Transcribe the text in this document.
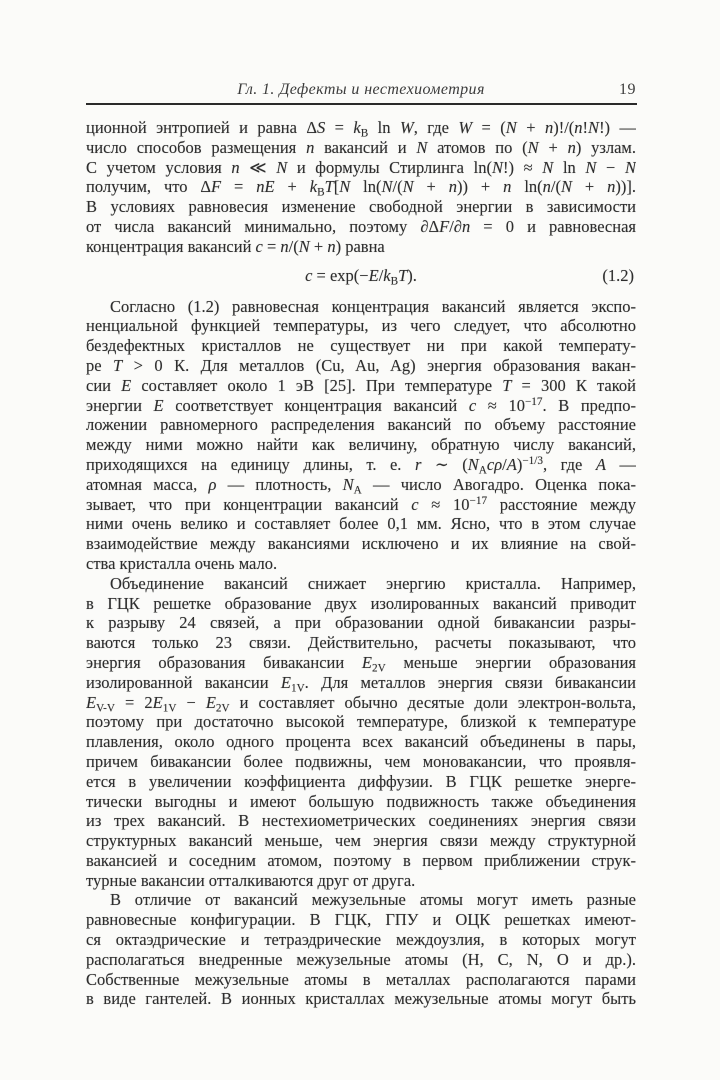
Гл. 1. Дефекты и нестехиометрия	19
ционной энтропией и равна $\Delta S = k_B$ ln W, где W = (N + n)!/(n!N!) —
число способов размещения n вакансий и N атомов по (N + n) узлам.
С учетом условия n ≪ N и формулы Стирлинга ln(N!) ≈ N ln N − N
получим, что ΔF = nE + $k_BT[N$ ln(N/(N + n)) + n ln(n/(N + n))].
В условиях равновесия изменение свободной энергии в зависимости
от числа вакансий минимально, поэтому ∂ΔF/∂n = 0 и равновесная
концентрация вакансий c = n/(N + n) равна
$c = \exp(-E/k_BT)$.	(1.2)
Согласно (1.2) равновесная концентрация вакансий является экспо-
ненциальной функцией температуры, из чего следует, что абсолютно
бездефектных кристаллов не существует ни при какой температу-
ре T > 0 К. Для металлов (Cu, Au, Ag) энергия образования вакан-
сии E составляет около 1 эВ [25]. При температуре T = 300 К такой
энергии E соответствует концентрация вакансий $c \approx 10^{-17}$. В предпо-
ложении равномерного распределения вакансий по объему расстояние
между ними можно найти как величину, обратную числу вакансий,
приходящихся на единицу длины, т. е. r ∼ $(N_Аc\rho/A)^{-1/3}$, где A —
атомная масса, ρ — плотность, $N_А$ — число Авогадро. Оценка пока-
зывает, что при концентрации вакансий $c \approx 10^{-17}$ расстояние между
ними очень велико и составляет более 0,1 мм. Ясно, что в этом случае
взаимодействие между вакансиями исключено и их влияние на свой-
ства кристалла очень мало.
Объединение вакансий снижает энергию кристалла. Например,
в ГЦК решетке образование двух изолированных вакансий приводит
к разрыву 24 связей, а при образовании одной бивакансии разры-
ваются только 23 связи. Действительно, расчеты показывают, что
энергия образования бивакансии $E_{2V}$ меньше энергии образования
изолированной вакансии $E_{1V}$. Для металлов энергия связи бивакансии
$E_{V-V} = 2E_{1V} - E_{2V}$ и составляет обычно десятые доли электрон-вольта,
поэтому при достаточно высокой температуре, близкой к температуре
плавления, около одного процента всех вакансий объединены в пары,
причем бивакансии более подвижны, чем моновакансии, что проявля-
ется в увеличении коэффициента диффузии. В ГЦК решетке энерге-
тически выгодны и имеют большую подвижность также объединения
из трех вакансий. В нестехиометрических соединениях энергия связи
структурных вакансий меньше, чем энергия связи между структурной
вакансией и соседним атомом, поэтому в первом приближении струк-
турные вакансии отталкиваются друг от друга.
В отличие от вакансий межузельные атомы могут иметь разные
равновесные конфигурации. В ГЦК, ГПУ и ОЦК решетках имеют-
ся октаэдрические и тетраэдрические междоузлия, в которых могут
располагаться внедренные межузельные атомы (H, C, N, O и др.).
Собственные межузельные атомы в металлах располагаются парами
в виде гантелей. В ионных кристаллах межузельные атомы могут быть
